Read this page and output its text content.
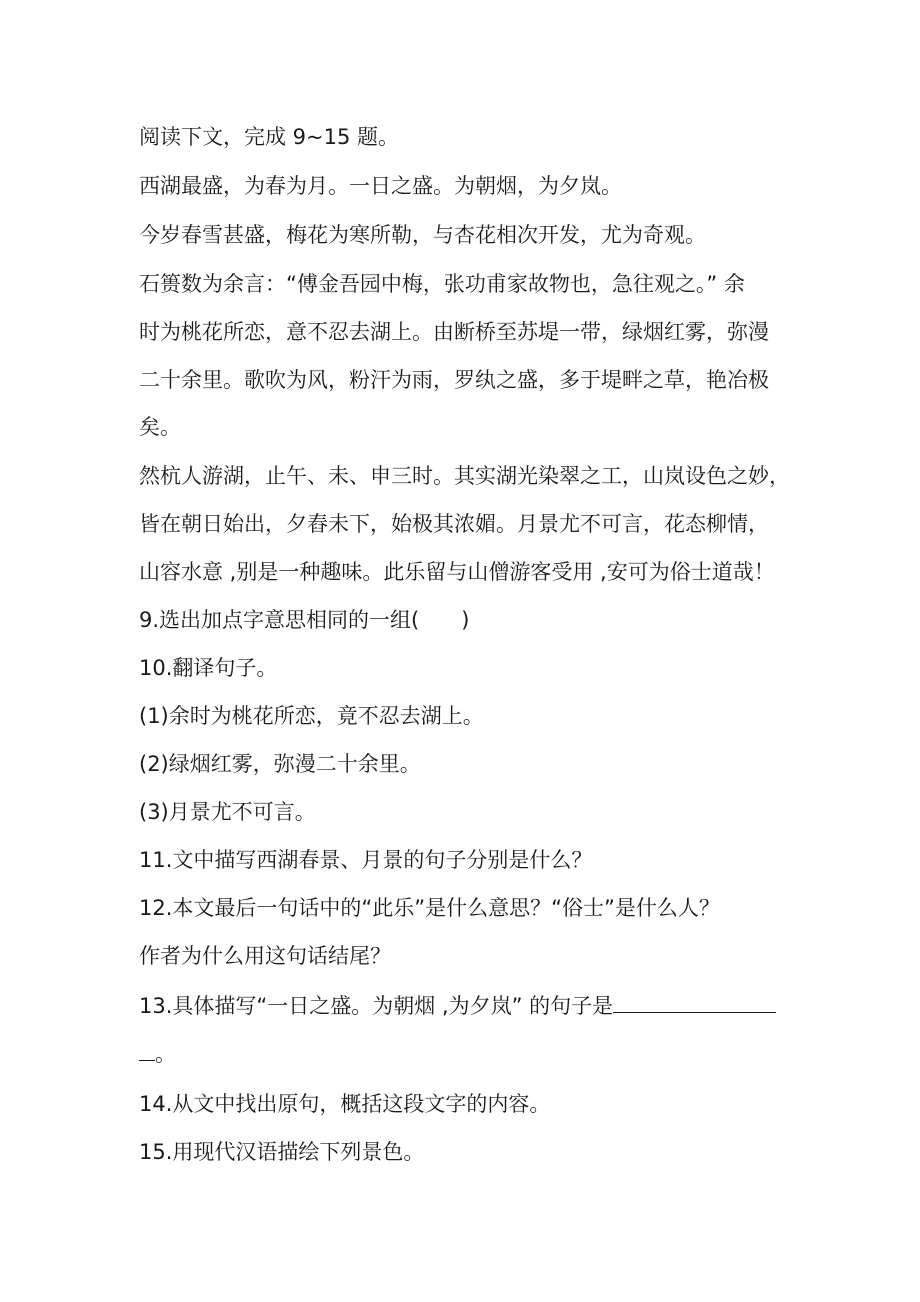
阅读下文，完成 9~15 题。
西湖最盛，为春为月。一日之盛。为朝烟，为夕岚。
今岁春雪甚盛，梅花为寒所勒，与杏花相次开发，尤为奇观。
石篑数为余言：“傅金吾园中梅，张功甫家故物也，急往观之。” 余
时为桃花所恋，意不忍去湖上。由断桥至苏堤一带，绿烟红雾，弥漫
二十余里。歌吹为风，粉汗为雨，罗纨之盛，多于堤畔之草，艳冶极
矣。
然杭人游湖，止午、未、申三时。其实湖光染翠之工，山岚设色之妙，
皆在朝日始出，夕舂未下，始极其浓媚。月景尤不可言，花态柳情，
山容水意 ,别是一种趣味。此乐留与山僧游客受用 ,安可为俗士道哉！
9.选出加点字意思相同的一组(　　)
10.翻译句子。
(1)余时为桃花所恋，竟不忍去湖上。
(2)绿烟红雾，弥漫二十余里。
(3)月景尤不可言。
11.文中描写西湖春景、月景的句子分别是什么？
12.本文最后一句话中的“此乐”是什么意思？“俗士”是什么人？
作者为什么用这句话结尾？
13.具体描写“一日之盛。为朝烟 ,为夕岚” 的句子是
。
14.从文中找出原句，概括这段文字的内容。
15.用现代汉语描绘下列景色。
